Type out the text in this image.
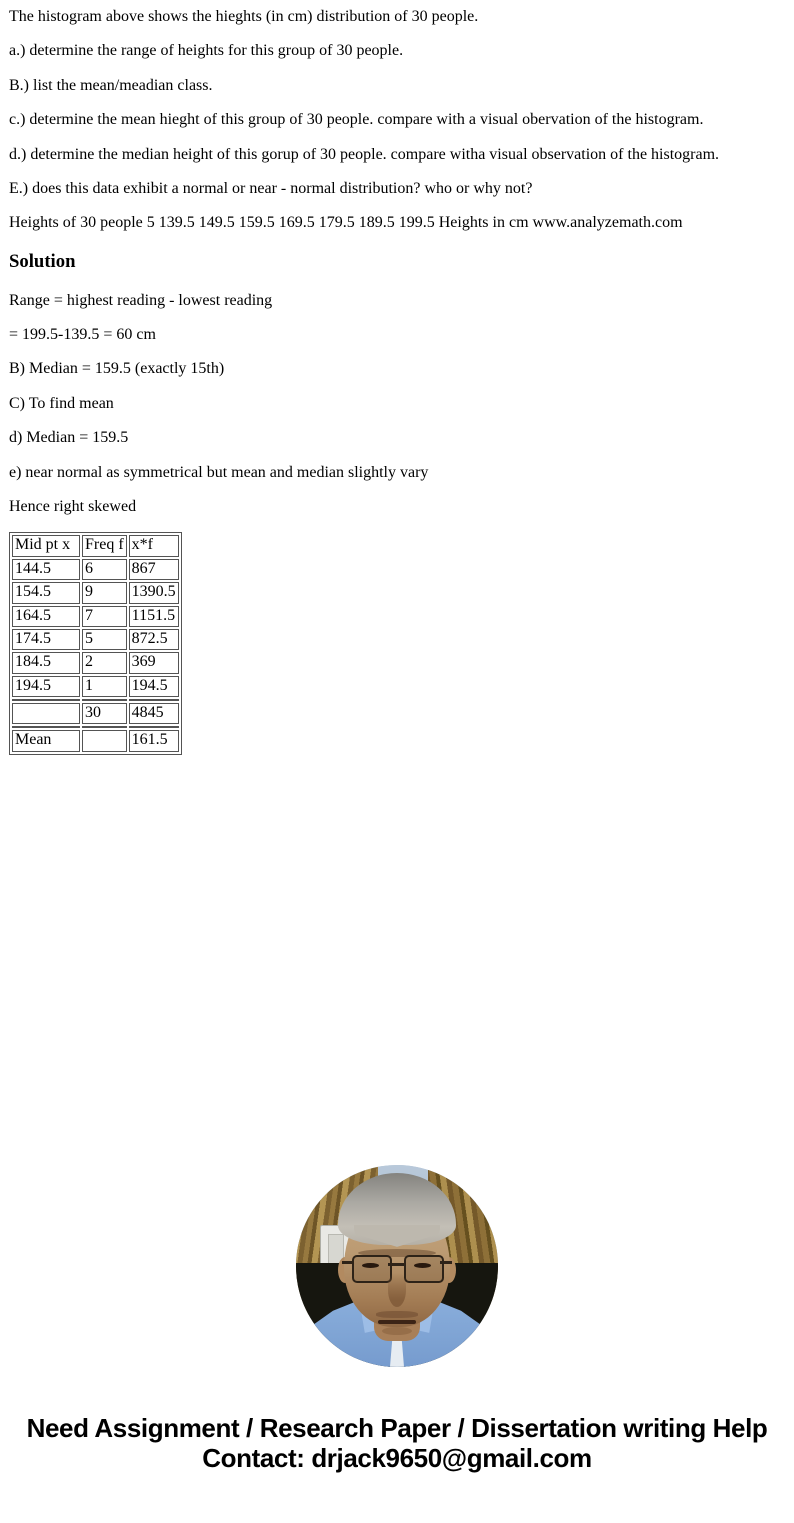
The histogram above shows the hieghts (in cm) distribution of 30 people.

a.) determine the range of heights for this group of 30 people.

B.) list the mean/meadian class.

c.) determine the mean hieght of this group of 30 people. compare with a visual obervation of the histogram.

d.) determine the median height of this gorup of 30 people. compare witha visual observation of the histogram.

E.) does this data exhibit a normal or near - normal distribution? who or why not?

Heights of 30 people 5 139.5 149.5 159.5 169.5 179.5 189.5 199.5 Heights in cm www.analyzemath.com

Solution

Range = highest reading - lowest reading

= 199.5-139.5 = 60 cm

B) Median = 159.5 (exactly 15th)

C) To find mean

d) Median = 159.5

e) near normal as symmetrical but mean and median slightly vary

Hence right skewed

Mid pt x	Freq f	x*f
144.5	6	867
154.5	9	1390.5
164.5	7	1151.5
174.5	5	872.5
184.5	2	369
194.5	1	194.5

	30	4845

Mean		161.5
Need Assignment / Research Paper / Dissertation writing Help
Contact: drjack9650@gmail.com
